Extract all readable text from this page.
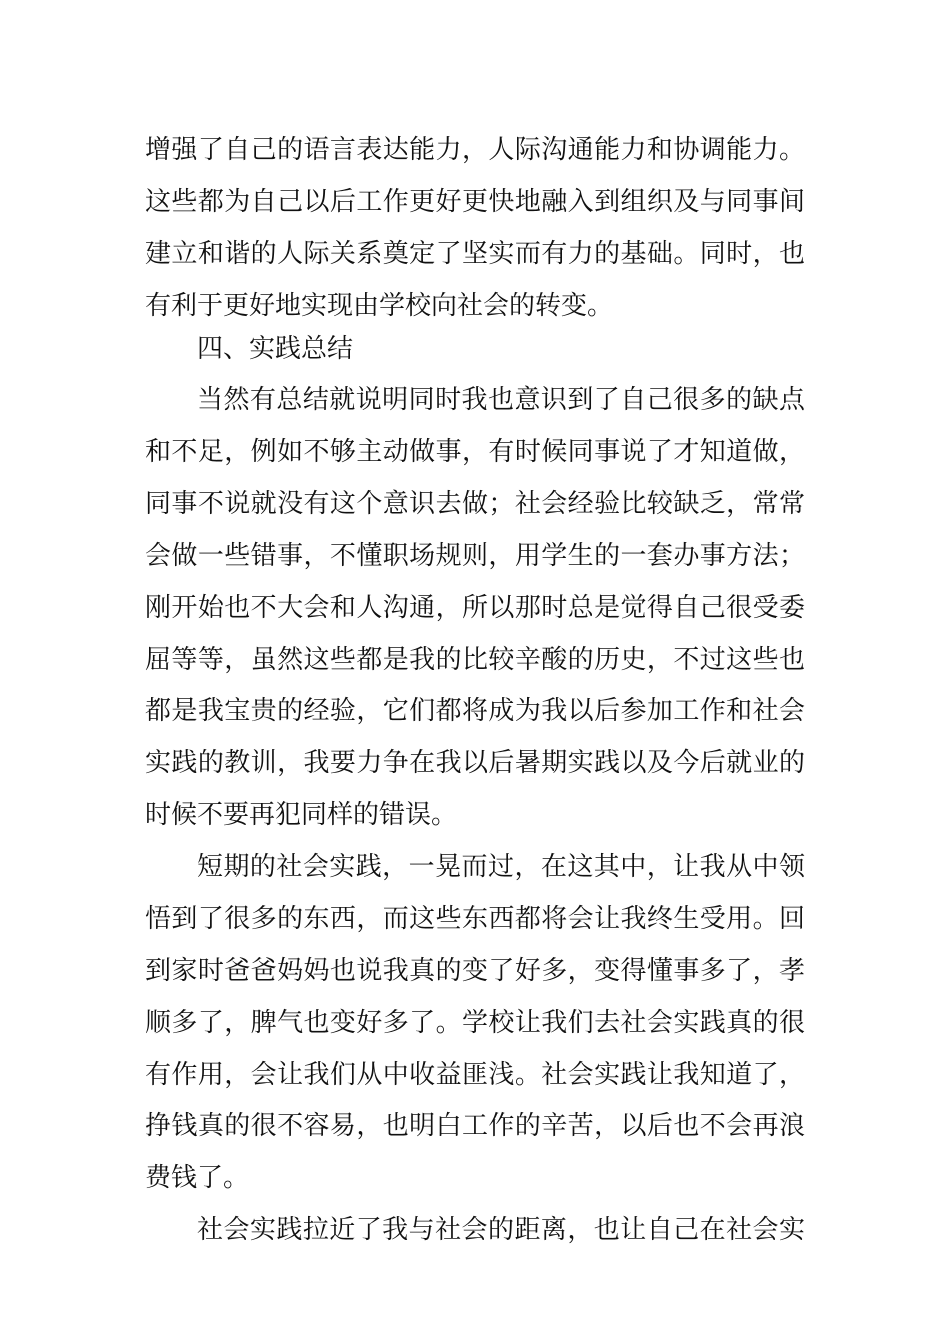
增强了自己的语言表达能力，人际沟通能力和协调能力。
这些都为自己以后工作更好更快地融入到组织及与同事间
建立和谐的人际关系奠定了坚实而有力的基础。同时，也
有利于更好地实现由学校向社会的转变。
四、实践总结
当然有总结就说明同时我也意识到了自己很多的缺点
和不足，例如不够主动做事，有时候同事说了才知道做，
同事不说就没有这个意识去做；社会经验比较缺乏，常常
会做一些错事，不懂职场规则，用学生的一套办事方法；
刚开始也不大会和人沟通，所以那时总是觉得自己很受委
屈等等，虽然这些都是我的比较辛酸的历史，不过这些也
都是我宝贵的经验，它们都将成为我以后参加工作和社会
实践的教训，我要力争在我以后暑期实践以及今后就业的
时候不要再犯同样的错误。
短期的社会实践，一晃而过，在这其中，让我从中领
悟到了很多的东西，而这些东西都将会让我终生受用。回
到家时爸爸妈妈也说我真的变了好多，变得懂事多了，孝
顺多了，脾气也变好多了。学校让我们去社会实践真的很
有作用，会让我们从中收益匪浅。社会实践让我知道了，
挣钱真的很不容易，也明白工作的辛苦，以后也不会再浪
费钱了。
社会实践拉近了我与社会的距离，也让自己在社会实
